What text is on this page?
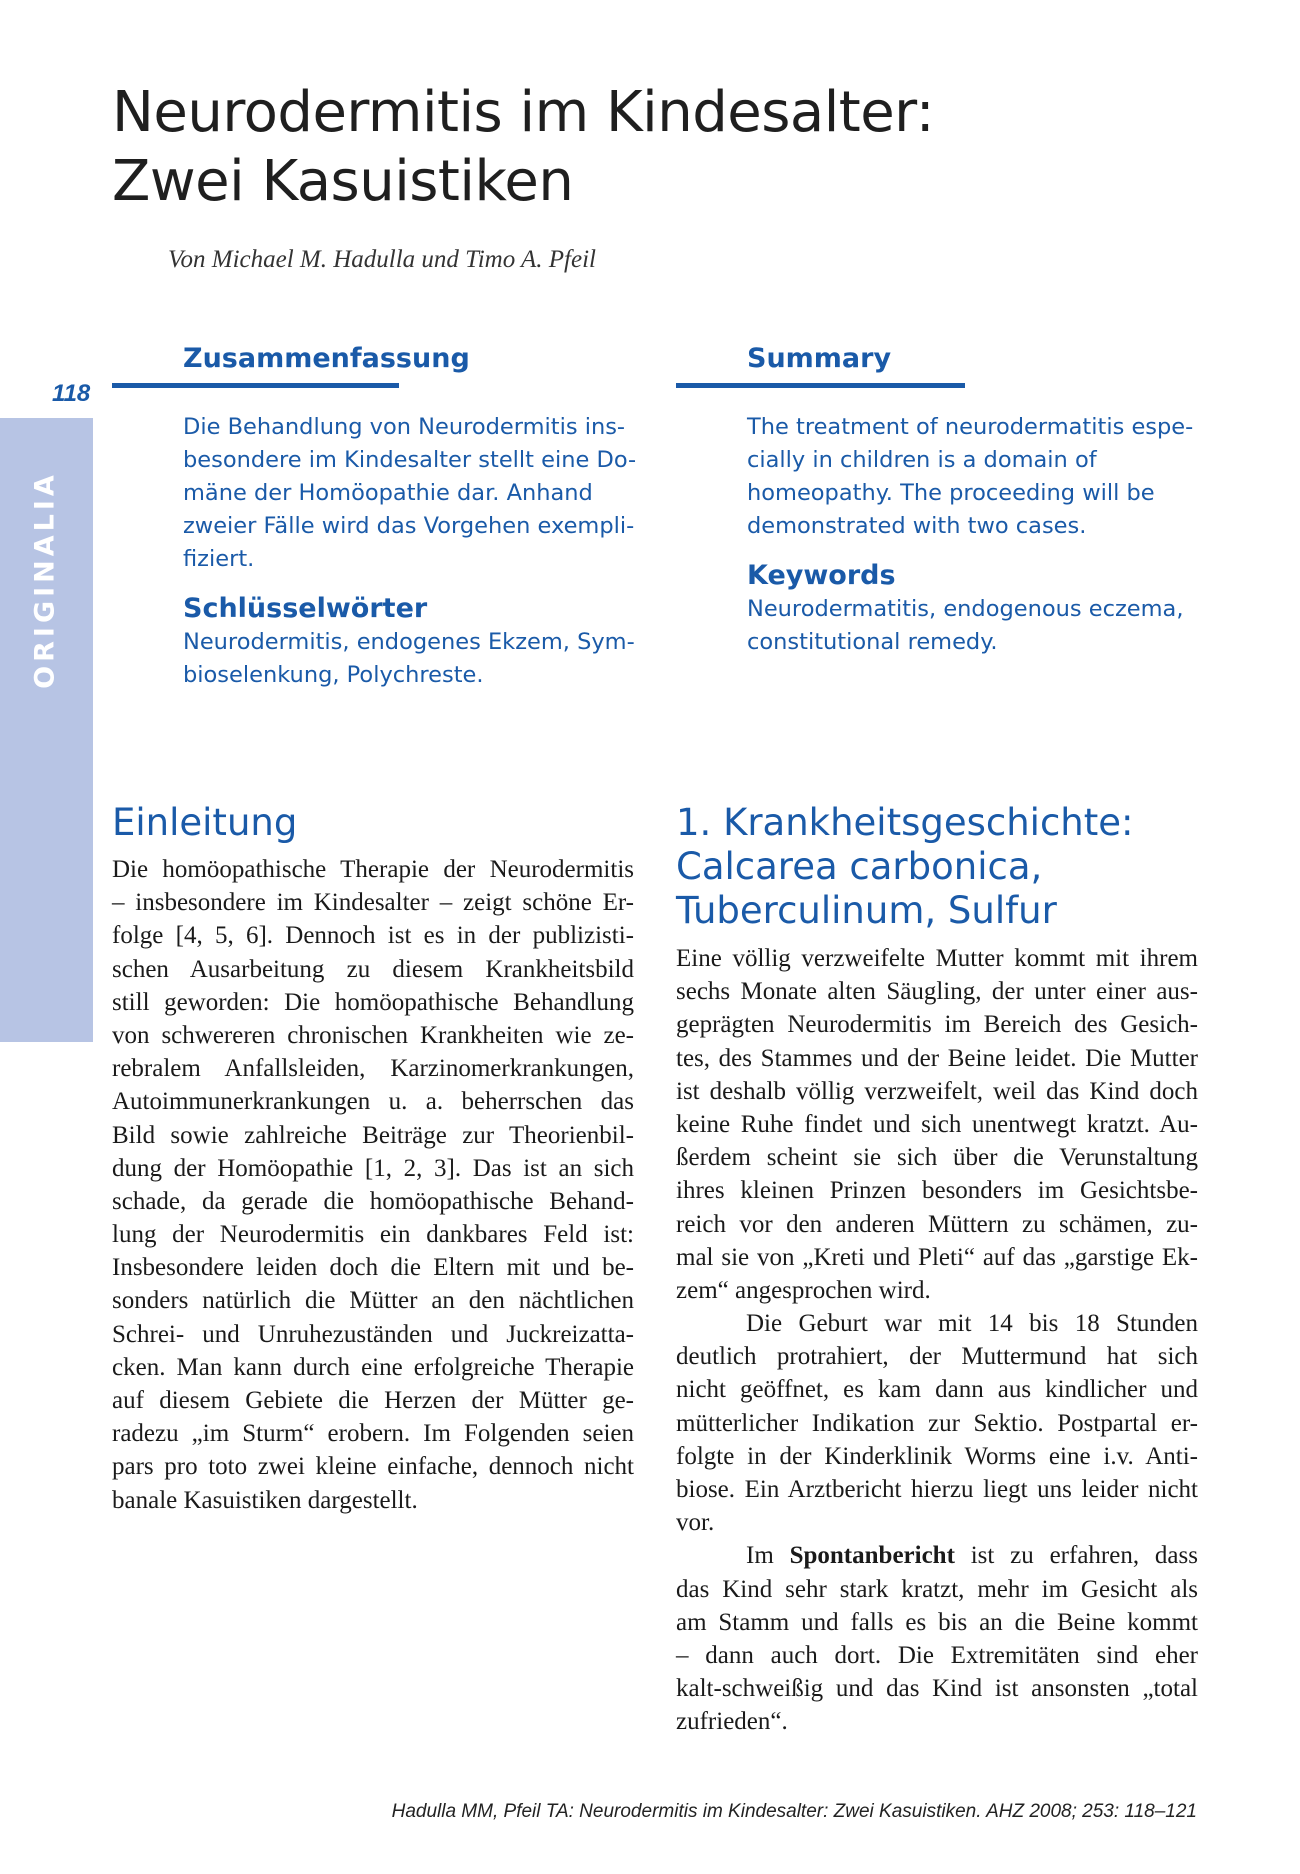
Neurodermitis im Kindesalter:
Zwei Kasuistiken
Von Michael M. Hadulla und Timo A. Pfeil
ORIGINALIA
118
Zusammenfassung

Die Behandlung von Neurodermitis ins-
besondere im Kindesalter stellt eine Do-
mäne der Homöopathie dar. Anhand
zweier Fälle wird das Vorgehen exempli-
fiziert.

Schlüsselwörter

Neurodermitis, endogenes Ekzem, Sym-
bioselenkung, Polychreste.

Summary

The treatment of neurodermatitis espe-
cially in children is a domain of
homeopathy. The proceeding will be
demonstrated with two cases.

Keywords

Neurodermatitis, endogenous eczema,
constitutional remedy.

Einleitung
Die homöopathische Therapie der Neurodermitis
– insbesondere im Kindesalter – zeigt schöne Er-
folge [4, 5, 6]. Dennoch ist es in der publizisti-
schen Ausarbeitung zu diesem Krankheitsbild
still geworden: Die homöopathische Behandlung
von schwereren chronischen Krankheiten wie ze-
rebralem Anfallsleiden, Karzinomerkrankungen,
Autoimmunerkrankungen u. a. beherrschen das
Bild sowie zahlreiche Beiträge zur Theorienbil-
dung der Homöopathie [1, 2, 3]. Das ist an sich
schade, da gerade die homöopathische Behand-
lung der Neurodermitis ein dankbares Feld ist:
Insbesondere leiden doch die Eltern mit und be-
sonders natürlich die Mütter an den nächtlichen
Schrei- und Unruhezuständen und Juckreizatta-
cken. Man kann durch eine erfolgreiche Therapie
auf diesem Gebiete die Herzen der Mütter ge-
radezu „im Sturm“ erobern. Im Folgenden seien
pars pro toto zwei kleine einfache, dennoch nicht
banale Kasuistiken dargestellt.
1. Krankheitsgeschichte:
Calcarea carbonica,
Tuberculinum, Sulfur
Eine völlig verzweifelte Mutter kommt mit ihrem
sechs Monate alten Säugling, der unter einer aus-
geprägten Neurodermitis im Bereich des Gesich-
tes, des Stammes und der Beine leidet. Die Mutter
ist deshalb völlig verzweifelt, weil das Kind doch
keine Ruhe findet und sich unentwegt kratzt. Au-
ßerdem scheint sie sich über die Verunstaltung
ihres kleinen Prinzen besonders im Gesichtsbe-
reich vor den anderen Müttern zu schämen, zu-
mal sie von „Kreti und Pleti“ auf das „garstige Ek-
zem“ angesprochen wird.
Die Geburt war mit 14 bis 18 Stunden
deutlich protrahiert, der Muttermund hat sich
nicht geöffnet, es kam dann aus kindlicher und
mütterlicher Indikation zur Sektio. Postpartal er-
folgte in der Kinderklinik Worms eine i.v. Anti-
biose. Ein Arztbericht hierzu liegt uns leider nicht
vor.
Im Spontanbericht ist zu erfahren, dass
das Kind sehr stark kratzt, mehr im Gesicht als
am Stamm und falls es bis an die Beine kommt
– dann auch dort. Die Extremitäten sind eher
kalt-schweißig und das Kind ist ansonsten „total
zufrieden“.
Hadulla MM, Pfeil TA: Neurodermitis im Kindesalter: Zwei Kasuistiken. AHZ 2008; 253: 118–121
